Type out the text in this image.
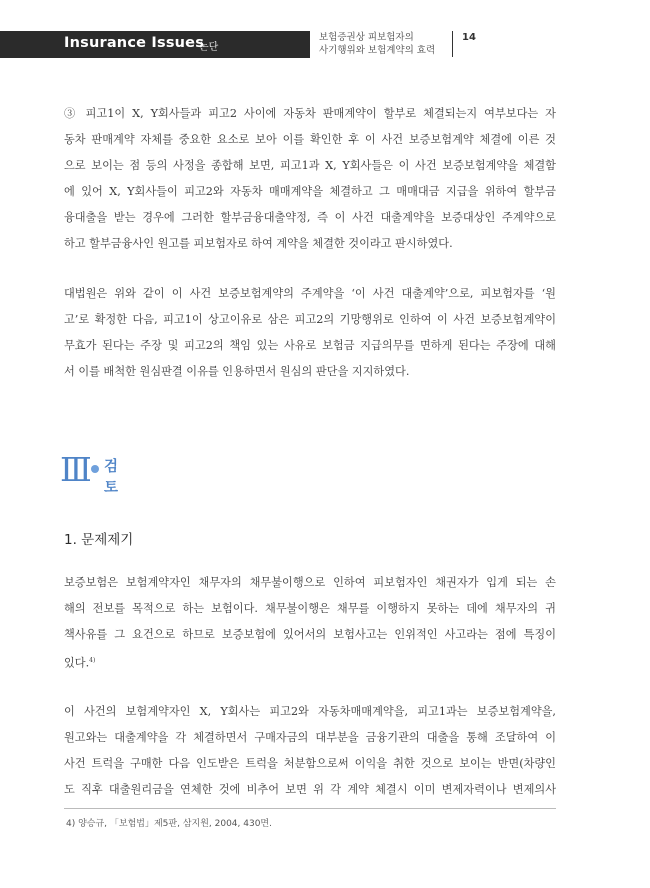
Insurance Issues
논단
보험증권상 피보험자의
사기행위와 보험계약의 효력
14
③ 피고1이 X, Y회사들과 피고2 사이에 자동차 판매계약이 할부로 체결되는지 여부보다는 자
동차 판매계약 자체를 중요한 요소로 보아 이를 확인한 후 이 사건 보증보험계약 체결에 이른 것
으로 보이는 점 등의 사정을 종합해 보면, 피고1과 X, Y회사들은 이 사건 보증보험계약을 체결함
에 있어 X, Y회사들이 피고2와 자동차 매매계약을 체결하고 그 매매대금 지급을 위하여 할부금
융대출을 받는 경우에 그러한 할부금융대출약정, 즉 이 사건 대출계약을 보증대상인 주계약으로
하고 할부금융사인 원고를 피보험자로 하여 계약을 체결한 것이라고 판시하였다.
대법원은 위와 같이 이 사건 보증보험계약의 주계약을 ‘이 사건 대출계약’으로, 피보험자를 ‘원
고’로 확정한 다음, 피고1이 상고이유로 삼은 피고2의 기망행위로 인하여 이 사건 보증보험계약이
무효가 된다는 주장 및 피고2의 책임 있는 사유로 보험금 지급의무를 면하게 된다는 주장에 대해
서 이를 배척한 원심판결 이유를 인용하면서 원심의 판단을 지지하였다.
Ⅲ 검토
1. 문제제기
보증보험은 보험계약자인 채무자의 채무불이행으로 인하여 피보험자인 채권자가 입게 되는 손
해의 전보를 목적으로 하는 보험이다. 채무불이행은 채무를 이행하지 못하는 데에 채무자의 귀
책사유를 그 요건으로 하므로 보증보험에 있어서의 보험사고는 인위적인 사고라는 점에 특징이
있다.$^{4)}$
이 사건의 보험계약자인 X, Y회사는 피고2와 자동차매매계약을, 피고1과는 보증보험계약을,
원고와는 대출계약을 각 체결하면서 구매자금의 대부분을 금융기관의 대출을 통해 조달하여 이
사건 트럭을 구매한 다음 인도받은 트럭을 처분함으로써 이익을 취한 것으로 보이는 반면(차량인
도 직후 대출원리금을 연체한 것에 비추어 보면 위 각 계약 체결시 이미 변제자력이나 변제의사
4) 양승규, 「보험법」제5판, 삼지원, 2004, 430면.
